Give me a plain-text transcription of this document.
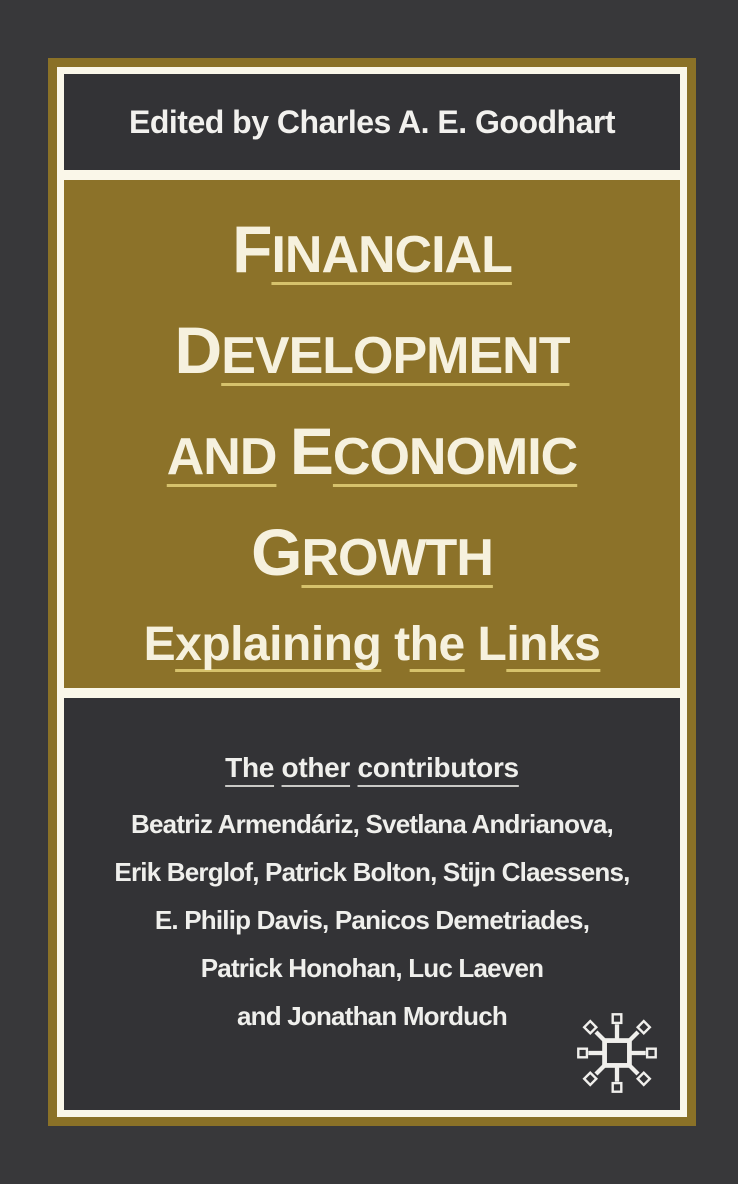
Edited by Charles A. E. Goodhart
FINANCIAL
DEVELOPMENT
AND ECONOMIC
GROWTH
Explaining the Links
The other contributors
Beatriz Armendáriz, Svetlana Andrianova,
Erik Berglof, Patrick Bolton, Stijn Claessens,
E. Philip Davis, Panicos Demetriades,
Patrick Honohan, Luc Laeven
and Jonathan Morduch
